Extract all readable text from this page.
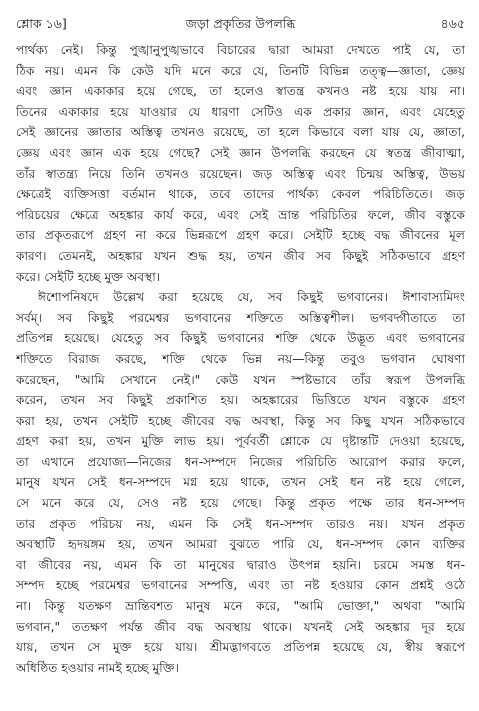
শ্লোক ১৬]	জড়া প্রকৃতির উপলব্ধি	৪৬৫
পার্থক্য নেই। কিন্তু পুঙ্খানুপুঙ্খভাবে বিচারের দ্বারা আমরা দেখতে পাই যে, তা
ঠিক নয়। এমন কি কেউ যদি মনে করে যে, তিনটি বিভিন্ন তত্ত্ব—জ্ঞাতা, জ্ঞেয়
এবং জ্ঞান একাকার হয়ে গেছে, তা হলেও স্বাতন্ত্র কখনও নষ্ট হয়ে যায় না।
তিনের একাকার হয়ে যাওয়ার যে ধারণা সেটিও এক প্রকার জ্ঞান, এবং যেহেতু
সেই জ্ঞানের জ্ঞাতার অস্তিত্ব তখনও রয়েছে, তা হলে কিভাবে বলা যায় যে, জ্ঞাতা,
জ্ঞেয় এবং জ্ঞান এক হয়ে গেছে? সেই জ্ঞান উপলব্ধি করছেন যে স্বতন্ত্র জীবাত্মা,
তাঁর স্বাতন্ত্র্য নিয়ে তিনি তখনও রয়েছেন। জড় অস্তিত্ব এবং চিন্ময় অস্তিত্ব, উভয়
ক্ষেত্রেই ব্যক্তিসত্তা বর্তমান থাকে, তবে তাদের পার্থক্য কেবল পরিচিতিতে। জড়
পরিচয়ের ক্ষেত্রে অহঙ্কার কার্য করে, এবং সেই ভ্রান্ত পরিচিতির ফলে, জীব বস্তুকে
তার প্রকৃতরূপে গ্রহণ না করে ভিন্নরূপে গ্রহণ করে। সেইটি হচ্ছে বদ্ধ জীবনের মূল
কারণ। তেমনই, অহঙ্কার যখন শুদ্ধ হয়, তখন জীব সব কিছুই সঠিকভাবে গ্রহণ
করে। সেইটি হচ্ছে মুক্ত অবস্থা।
ঈশোপনিষদে উল্লেখ করা হয়েছে যে, সব কিছুই ভগবানের। ঈশাবাস্যমিদং
সর্বম্। সব কিছুই পরমেশ্বর ভগবানের শক্তিতে অস্তিত্বশীল। ভগবদ্গীতাতে তা
প্রতিপন্ন হয়েছে। যেহেতু সব কিছুই ভগবানের শক্তি থেকে উদ্ভূত এবং ভগবানের
শক্তিতে বিরাজ করছে, শক্তি থেকে ভিন্ন নয়—কিন্তু তবুও ভগবান ঘোষণা
করেছেন, "আমি সেখানে নেই।" কেউ যখন স্পষ্টভাবে তাঁর স্বরূপ উপলব্ধি
করেন, তখন সব কিছুই প্রকাশিত হয়। অহঙ্কারের ভিত্তিতে যখন বস্তুকে গ্রহণ
করা হয়, তখন সেইটি হচ্ছে জীবের বদ্ধ অবস্থা, কিন্তু সব কিছু যখন সঠিকভাবে
গ্রহণ করা হয়, তখন মুক্তি লাভ হয়। পূর্ববর্তী শ্লোকে যে দৃষ্টান্তটি দেওয়া হয়েছে,
তা এখানে প্রযোজ্য—নিজের ধন-সম্পদে নিজের পরিচিতি আরোপ করার ফলে,
মানুষ যখন সেই ধন-সম্পদে মগ্ন হয়ে থাকে, তখন সেই ধন নষ্ট হয়ে গেলে,
সে মনে করে যে, সেও নষ্ট হয়ে গেছে। কিন্তু প্রকৃত পক্ষে তার ধন-সম্পদ
তার প্রকৃত পরিচয় নয়, এমন কি সেই ধন-সম্পদ তারও নয়। যখন প্রকৃত
অবস্থাটি হৃদয়ঙ্গম হয়, তখন আমরা বুঝতে পারি যে, ধন-সম্পদ কোন ব্যক্তির
বা জীবের নয়, এমন কি তা মানুষের দ্বারাও উৎপন্ন হয়নি। চরমে সমস্ত ধন-
সম্পদ হচ্ছে পরমেশ্বর ভগবানের সম্পত্তি, এবং তা নষ্ট হওয়ার কোন প্রশ্নই ওঠে
না। কিন্তু যতক্ষণ ভ্রান্তিবশত মানুষ মনে করে, "আমি ভোক্তা," অথবা "আমি
ভগবান," ততক্ষণ পর্যন্ত জীব বদ্ধ অবস্থায় থাকে। যখনই সেই অহঙ্কার দূর হয়ে
যায়, তখন সে মুক্ত হয়ে যায়। শ্রীমদ্ভাগবতে প্রতিপন্ন হয়েছে যে, স্বীয় স্বরূপে
অধিষ্ঠিত হওয়ার নামই হচ্ছে মুক্তি।
